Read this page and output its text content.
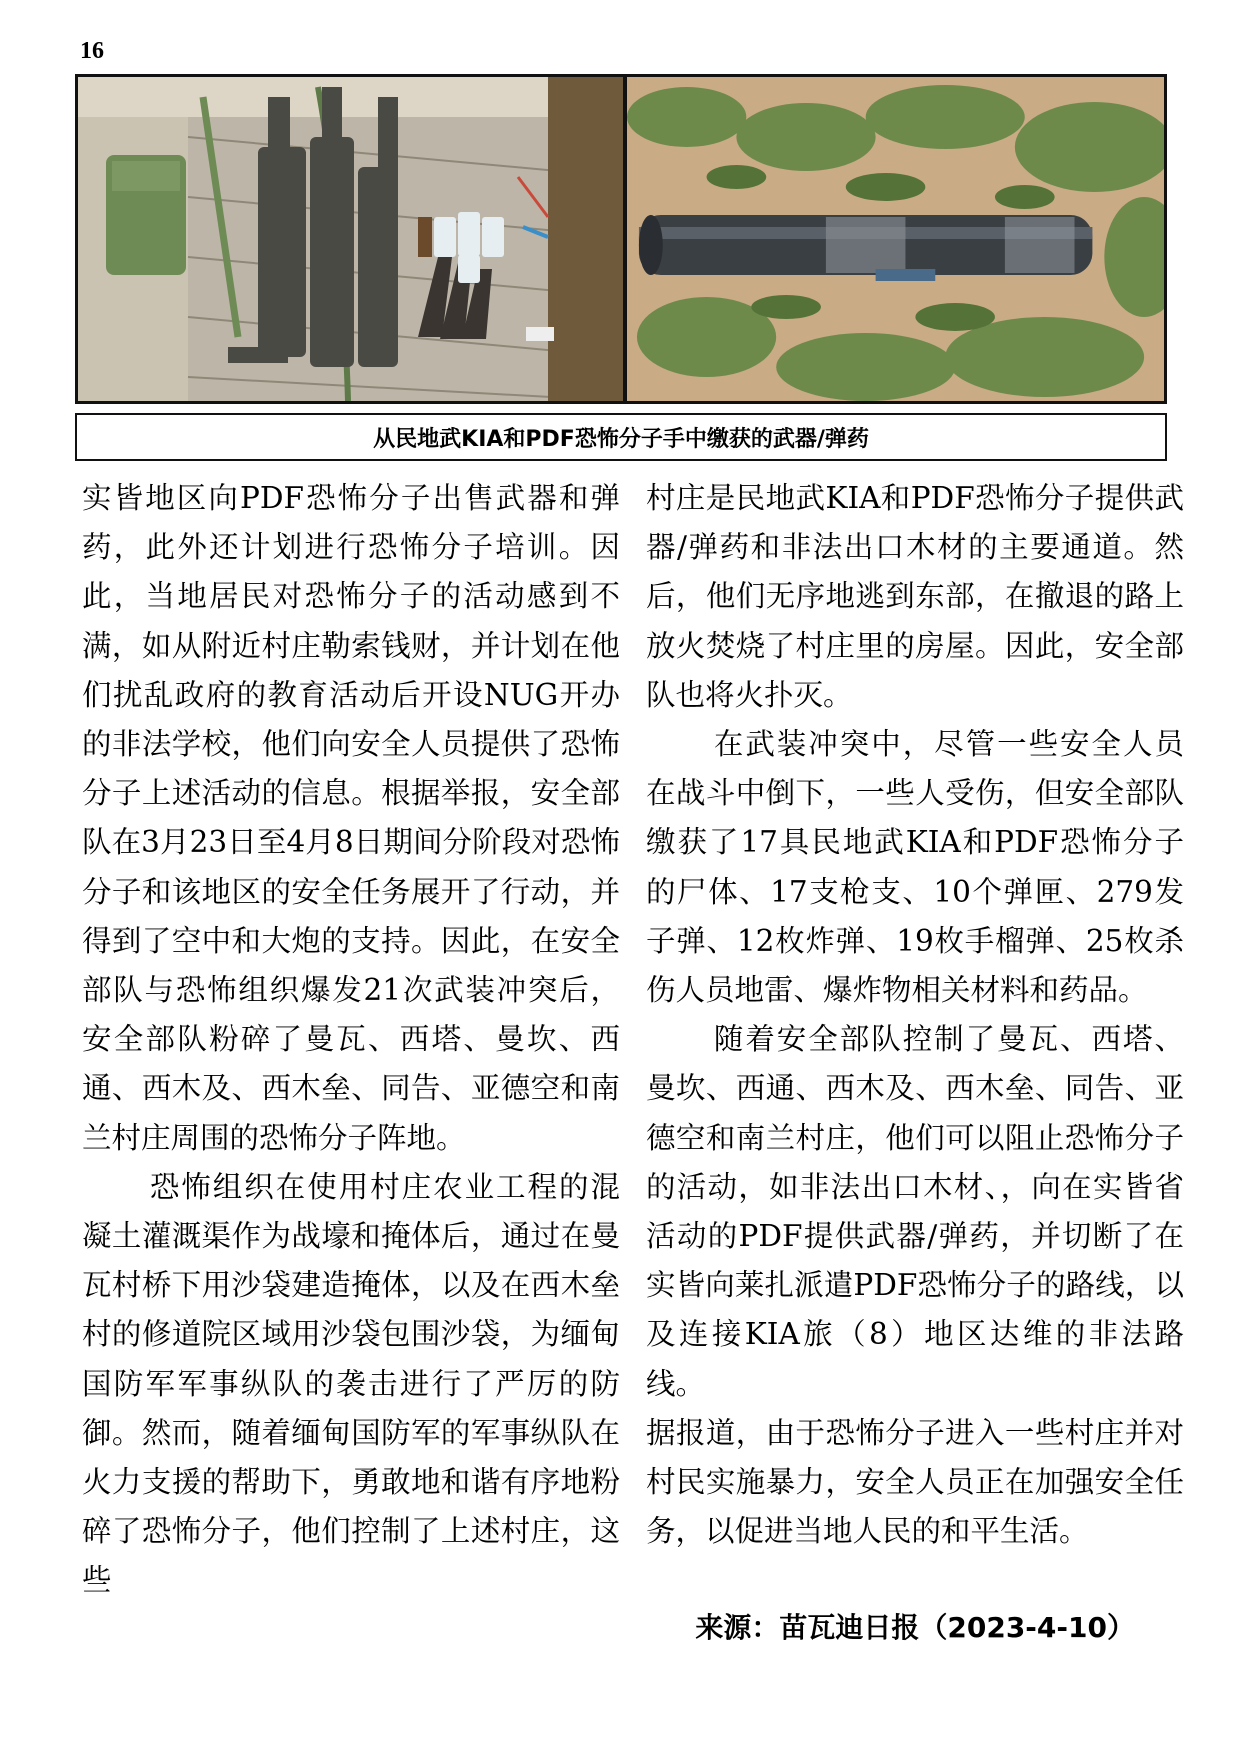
16
从民地武KIA和PDF恐怖分子手中缴获的武器/弹药

实皆地区向PDF恐怖分子出售武器和弹药，此外还计划进行恐怖分子培训。因此，当地居民对恐怖分子的活动感到不满，如从附近村庄勒索钱财，并计划在他们扰乱政府的教育活动后开设NUG开办的非法学校，他们向安全人员提供了恐怖分子上述活动的信息。根据举报，安全部队在3月23日至4月8日期间分阶段对恐怖分子和该地区的安全任务展开了行动，并得到了空中和大炮的支持。因此，在安全部队与恐怖组织爆发21次武装冲突后，安全部队粉碎了曼瓦、西塔、曼坎、西通、西木及、西木垒、同告、亚德空和南兰村庄周围的恐怖分子阵地。

恐怖组织在使用村庄农业工程的混凝土灌溉渠作为战壕和掩体后，通过在曼瓦村桥下用沙袋建造掩体，以及在西木垒村的修道院区域用沙袋包围沙袋，为缅甸国防军军事纵队的袭击进行了严厉的防御。然而，随着缅甸国防军的军事纵队在火力支援的帮助下，勇敢地和谐有序地粉碎了恐怖分子，他们控制了上述村庄，这些

村庄是民地武KIA和PDF恐怖分子提供武器/弹药和非法出口木材的主要通道。然后，他们无序地逃到东部，在撤退的路上放火焚烧了村庄里的房屋。因此，安全部队也将火扑灭。

在武装冲突中，尽管一些安全人员在战斗中倒下，一些人受伤，但安全部队缴获了17具民地武KIA和PDF恐怖分子的尸体、17支枪支、10个弹匣、279发子弹、12枚炸弹、19枚手榴弹、25枚杀伤人员地雷、爆炸物相关材料和药品。

随着安全部队控制了曼瓦、西塔、曼坎、西通、西木及、西木垒、同告、亚德空和南兰村庄，他们可以阻止恐怖分子的活动，如非法出口木材、，向在实皆省活动的PDF提供武器/弹药，并切断了在实皆向莱扎派遣PDF恐怖分子的路线，以及连接KIA旅（8）地区达维的非法路线。

据报道，由于恐怖分子进入一些村庄并对村民实施暴力，安全人员正在加强安全任务，以促进当地人民的和平生活。

来源：苗瓦迪日报（2023-4-10）
